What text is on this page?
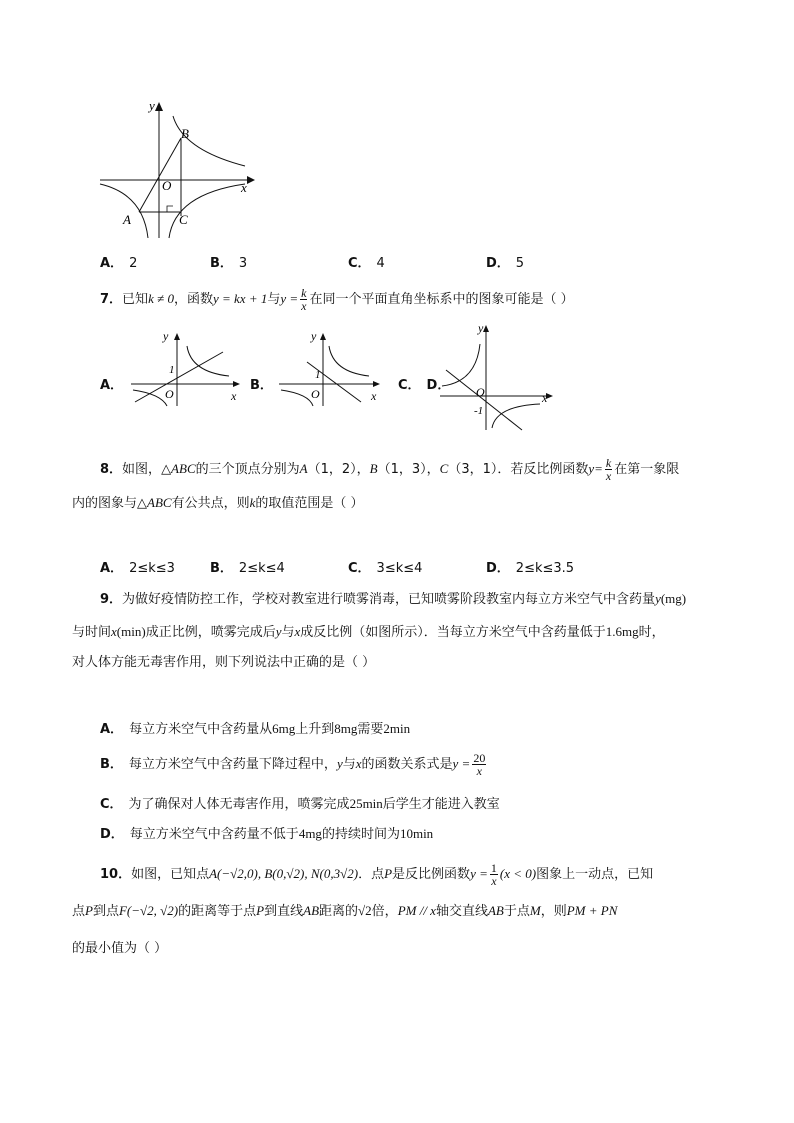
y
x
O
A
B
C
A． 2	B． 3	C． 4	D． 5
7．已知k ≠ 0，函数y = kx + 1与$y = \frac{k}{x}$ 在同一个平面直角坐标系中的图象可能是（ ）
A．
y
x
O
1
B．
y
x
O
1
C． D．
y
x
O
-1
8．如图，△ABC的三个顶点分别为A（1，2），B（1，3），C（3，1）．若反比例函数$y= \frac{k}{x}$ 在第一象限
内的图象与△ABC有公共点，则k的取值范围是（ ）
A． 2≤k≤3	B． 2≤k≤4	C． 3≤k≤4	D． 2≤k≤3.5
9．为做好疫情防控工作，学校对教室进行喷雾消毒，已知喷雾阶段教室内每立方米空气中含药量y(mg)
与时间x(min)成正比例，喷雾完成后y与x成反比例（如图所示）．当每立方米空气中含药量低于1.6mg时，
对人体方能无毒害作用，则下列说法中正确的是（ ）
A． 每立方米空气中含药量从6mg上升到8mg需要2min
B． 每立方米空气中含药量下降过程中，y与x的函数关系式是$y = \frac{20}{x}$
C． 为了确保对人体无毒害作用，喷雾完成25min后学生才能进入教室
D． 每立方米空气中含药量不低于4mg的持续时间为10min
10．如图，已知点A(−√2,0), B(0,√2), N(0,3√2)．点P是反比例函数$y = \frac{1}{x} (x < 0)$图象上一动点，已知
点P到点F(−√2, √2)的距离等于点P到直线AB距离的√2倍，PM // x轴交直线AB于点M，则PM + PN
的最小值为（ ）
